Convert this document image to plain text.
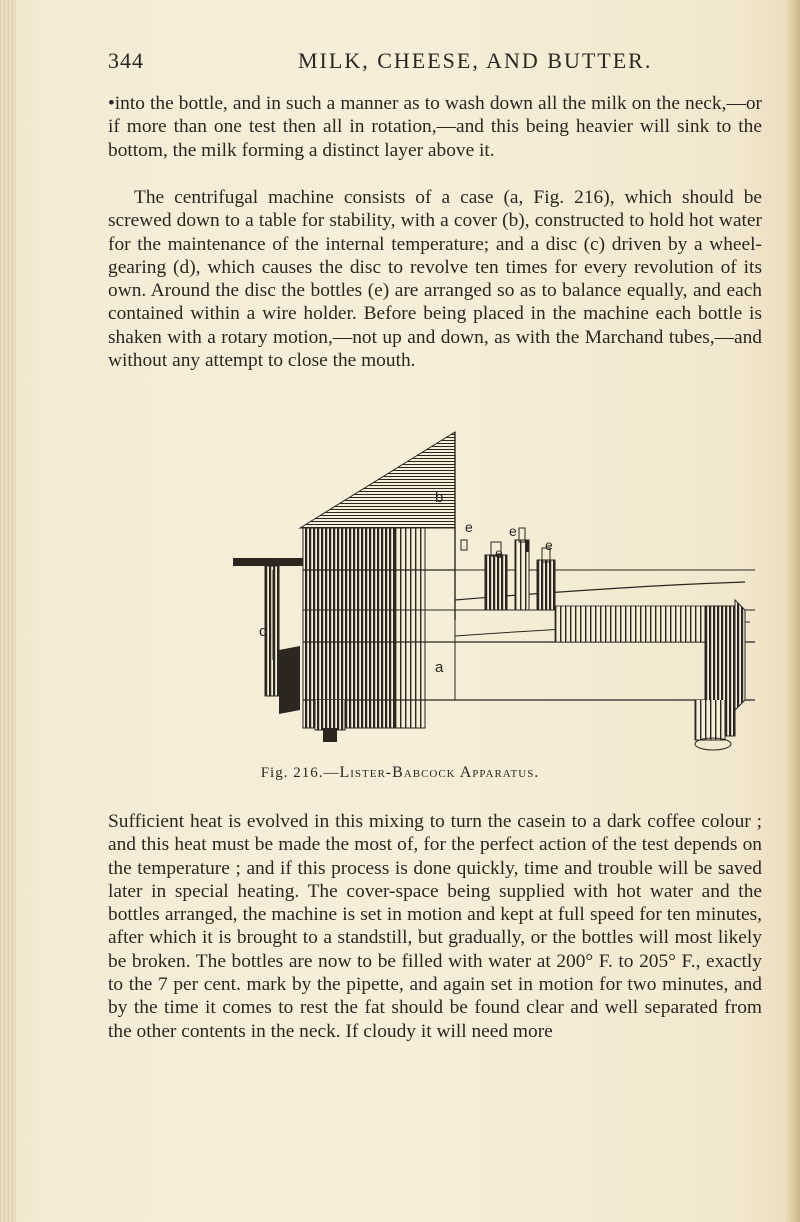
344	MILK, CHEESE, AND BUTTER.

•into the bottle, and in such a manner as to wash down all the milk on the neck,—or if more than one test then all in rotation,—and this being heavier will sink to the bottom, the milk forming a distinct layer above it.

The centrifugal machine consists of a case (a, Fig. 216), which should be screwed down to a table for stability, with a cover (b), constructed to hold hot water for the maintenance of the internal temperature; and a disc (c) driven by a wheel-gearing (d), which causes the disc to revolve ten times for every revolution of its own. Around the disc the bottles (e) are arranged so as to balance equally, and each contained within a wire holder. Before being placed in the machine each bottle is shaken with a rotary motion,—not up and down, as with the Marchand tubes,—and without any attempt to close the mouth.

b
a
d
e	e
e	e
Fig. 216.—Lister-Babcock Apparatus.

Sufficient heat is evolved in this mixing to turn the casein to a dark coffee colour ; and this heat must be made the most of, for the perfect action of the test depends on the temperature ; and if this process is done quickly, time and trouble will be saved later in special heating. The cover-space being supplied with hot water and the bottles arranged, the machine is set in motion and kept at full speed for ten minutes, after which it is brought to a standstill, but gradually, or the bottles will most likely be broken. The bottles are now to be filled with water at 200° F. to 205° F., exactly to the 7 per cent. mark by the pipette, and again set in motion for two minutes, and by the time it comes to rest the fat should be found clear and well separated from the other contents in the neck. If cloudy it will need more
